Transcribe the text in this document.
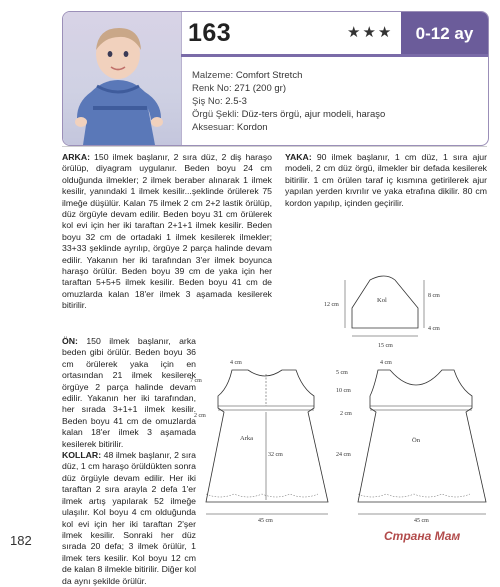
163	★★★	0-12 ay
Malzeme: Comfort Stretch
Renk No: 271 (200 gr)
Şiş No: 2.5-3
Örgü Şekli: Düz-ters örgü, ajur modeli, haraşo
Aksesuar: Kordon
ARKA: 150 ilmek başlanır, 2 sıra düz, 2 diş haraşo örülüp, diyagram uygulanır. Beden boyu 24 cm olduğunda ilmekler; 2 ilmek beraber alınarak 1 ilmek kesilir, yanındaki 1 ilmek kesilir...şeklinde örülerek 75 ilmeğe düşülür. Kalan 75 ilmek 2 cm 2+2 lastik örülüp, düz örgüyle devam edilir. Beden boyu 31 cm örülerek kol evi için her iki taraftan 2+1+1 ilmek kesilir. Beden boyu 32 cm de ortadaki 1 ilmek kesilerek ilmekler; 33+33 şeklinde ayrılıp, örgüye 2 parça halinde devam edilir. Yakanın her iki tarafından 3'er ilmek boyunca haraşo örülür. Beden boyu 39 cm de yaka için her taraftan 5+5+5 ilmek kesilir. Beden boyu 41 cm de omuzlarda kalan 18'er ilmek 3 aşamada kesilerek bitirilir.
ÖN: 150 ilmek başlanır, arka beden gibi örülür. Beden boyu 36 cm örülerek yaka için en ortasından 21 ilmek kesilerek örgüye 2 parça halinde devam edilir. Yakanın her iki tarafından, her sırada 3+1+1 ilmek kesilir. Beden boyu 41 cm de omuzlarda kalan 18'er ilmek 3 aşamada kesilerek bitirilir.
KOLLAR: 48 ilmek başlanır, 2 sıra düz, 1 cm haraşo örüldükten sonra düz örgüyle devam edilir. Her iki taraftan 2 sıra arayla 2 defa 1'er ilmek artış yapılarak 52 ilmeğe ulaşılır. Kol boyu 4 cm olduğunda kol evi için her iki taraftan 2'şer ilmek kesilir. Sonraki her düz sırada 20 defa; 3 ilmek örülür, 1 ilmek ters kesilir. Kol boyu 12 cm de kalan 8 ilmekle bitirilir. Diğer kol da aynı şekilde örülür.
YAKA: 90 ilmek başlanır, 1 cm düz, 1 sıra ajur modeli, 2 cm düz örgü, ilmekler bir defada kesilerek bitirilir. 1 cm örülen taraf iç kısmına getirilerek ajur yapılan yerden kıvrılır ve yaka etrafına dikilir. 80 cm kordon yapılıp, içinden geçirilir.
Kol
12 cm
8 cm
4 cm
15 cm
4 cm
7 cm
2 cm
Arka
32 cm
45 cm
4 cm
5 cm
10 cm
2 cm
24 cm
Ön
45 cm
182	Страна Мам
